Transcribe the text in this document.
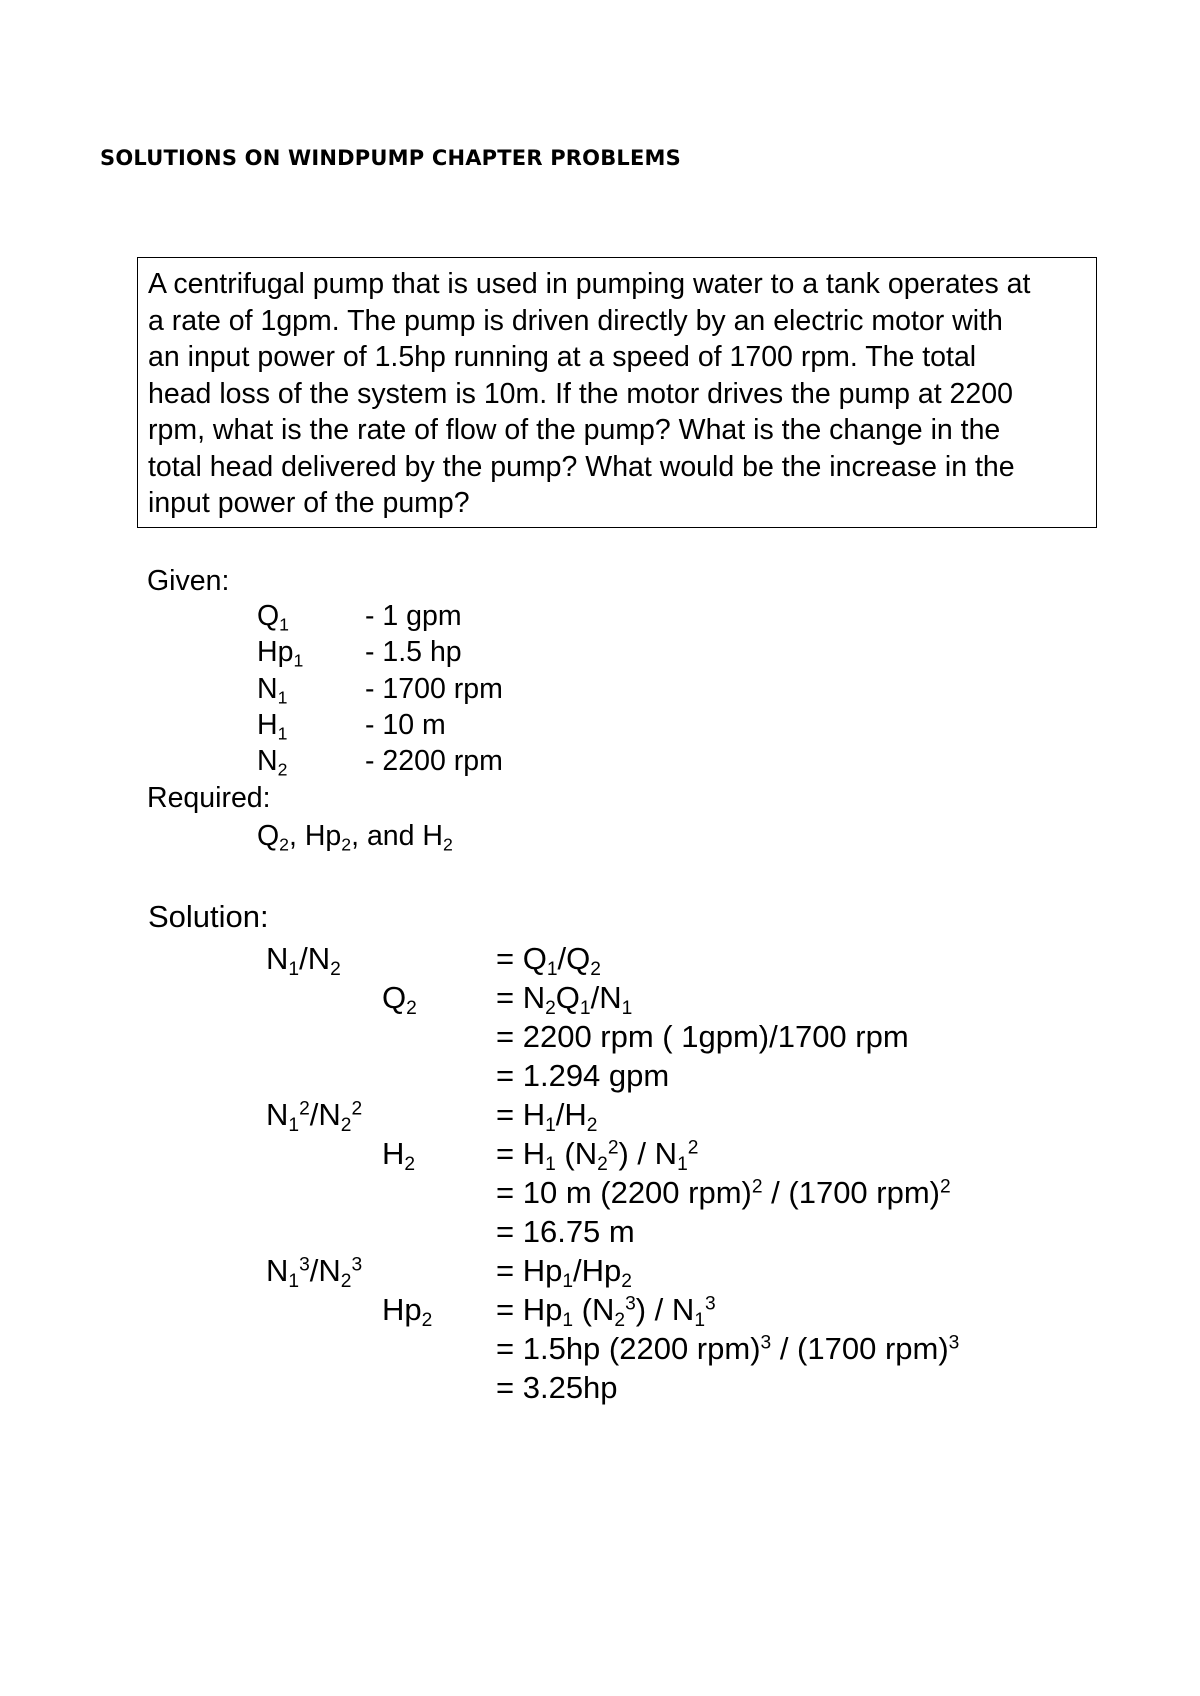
SOLUTIONS ON WINDPUMP CHAPTER PROBLEMS
A centrifugal pump that is used in pumping water to a tank operates at
a rate of 1gpm. The pump is driven directly by an electric motor with
an input power of 1.5hp running at a speed of 1700 rpm. The total
head loss of the system is 10m. If the motor drives the pump at 2200
rpm, what is the rate of flow of the pump? What is the change in the
total head delivered by the pump? What would be the increase in the
input power of the pump?
Given:
$Q_1$	- 1 gpm
$Hp_1 - 1.5$ hp
$N_1$	- 1700 rpm
$H_1$	- 10 m
$N_2$	- 2200 rpm
Required:
$Q_2$, $Hp_2$, and $H_2$
Solution:
$N_1/N_2$	= $Q_1/Q_2$
$Q_2$	= $N_2Q_1/N_1$
= 2200 rpm ( 1gpm)/1700 rpm
= 1.294 gpm
$N_1^2/N_2^2$	= $H_1/H_2$
$H_2$	= $H_1$ $(N_2^2) / N_1^2$
= 10 m (2200 rpm)$^2$ / (1700 rpm)$^2$
= 16.75 m
$N_1^3/N_2^3$	= $Hp_1/Hp_2$
$Hp_2 = Hp_1$ $(N_2^3) / N_1^3$
= 1.5hp (2200 rpm)$^3$ / (1700 rpm)$^3$
= 3.25hp
